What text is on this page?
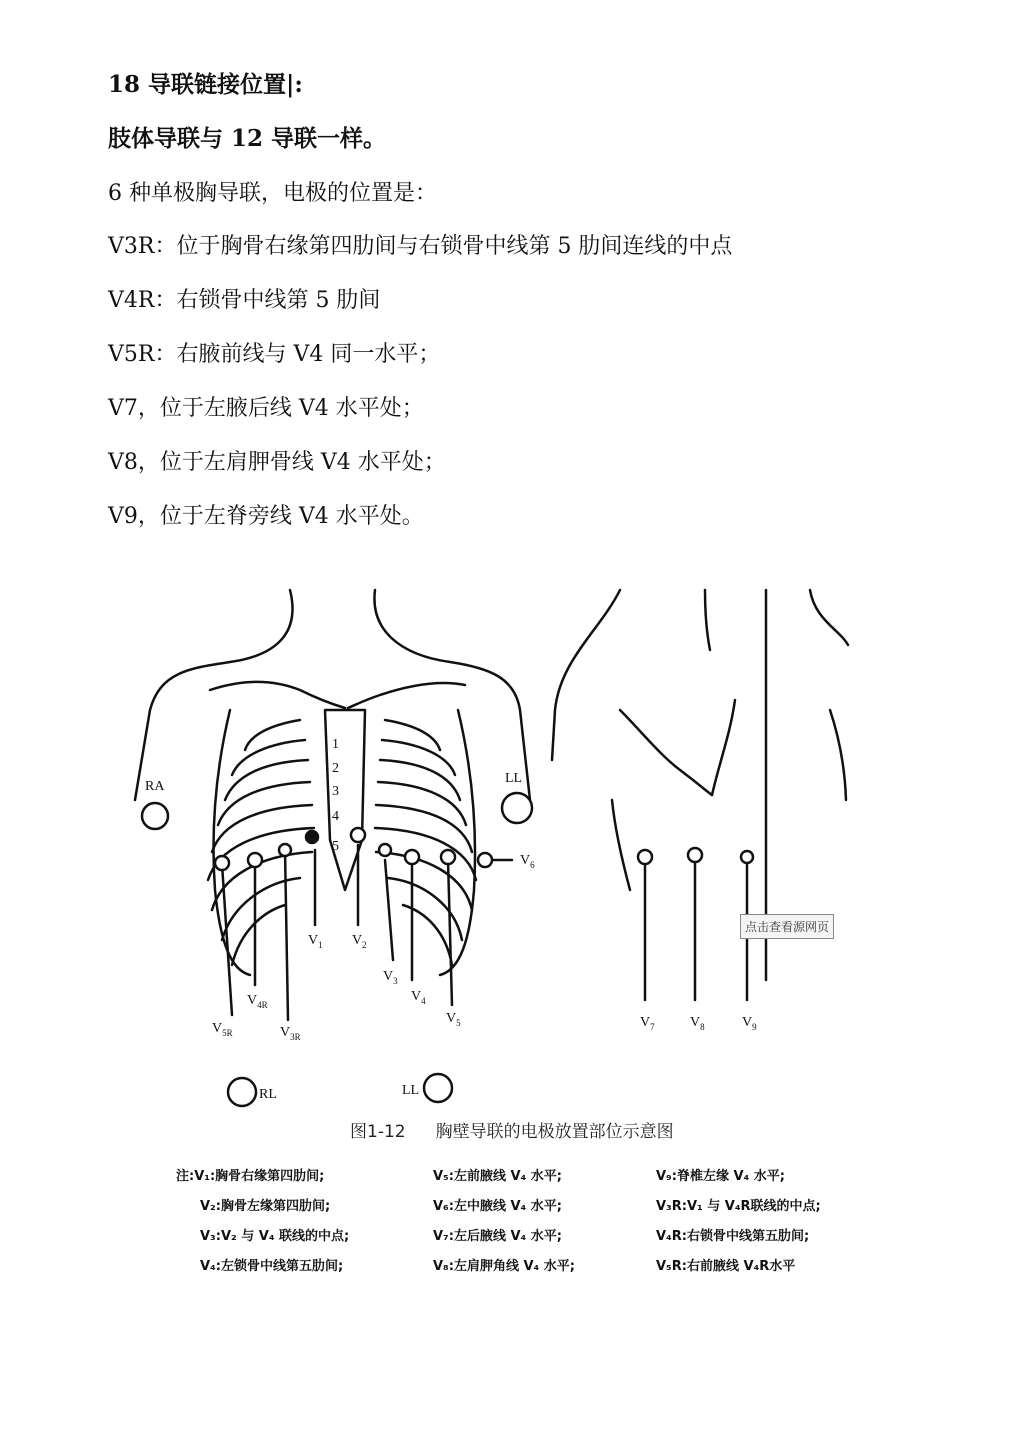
18 导联链接位置|:
肢体导联与 12 导联一样。
6 种单极胸导联，电极的位置是：
V3R：位于胸骨右缘第四肋间与右锁骨中线第 5 肋间连线的中点
V4R：右锁骨中线第 5 肋间
V5R：右腋前线与 V4 同一水平；
V7，位于左腋后线 V4 水平处；
V8，位于左肩胛骨线 V4 水平处；
V9，位于左脊旁线 V4 水平处。
RA
LL
RL	LL
1
2
3
4
5
$V_1$ $V_2$
$V_3$
$V_4$
$V_5$
$V_6$
$V_{4R}$
$V_{5R}$	$V_{3R}$
$V_7$	$V_8$	$V_9$
点击查看源网页
图1-12 胸壁导联的电极放置部位示意图
注:V₁:胸骨右缘第四肋间;
V₂:胸骨左缘第四肋间;
V₃:V₂ 与 V₄ 联线的中点;
V₄:左锁骨中线第五肋间;
V₅:左前腋线 V₄ 水平;
V₆:左中腋线 V₄ 水平;
V₇:左后腋线 V₄ 水平;
V₈:左肩胛角线 V₄ 水平;
V₉:脊椎左缘 V₄ 水平;
V₃R:V₁ 与 V₄R联线的中点;
V₄R:右锁骨中线第五肋间;
V₅R:右前腋线 V₄R水平
